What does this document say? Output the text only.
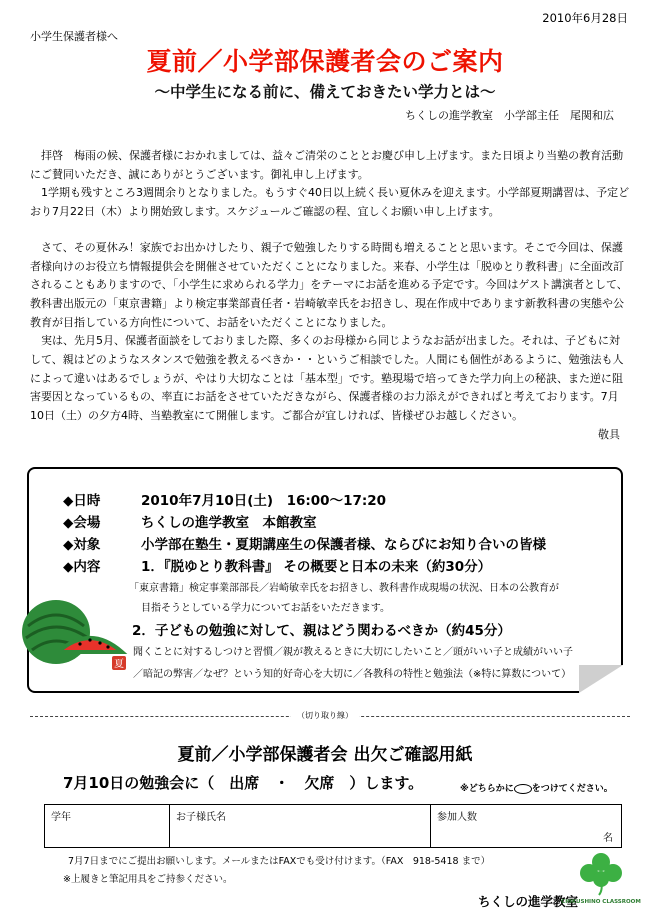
2010年6月28日
小学生保護者様へ
夏前／小学部保護者会のご案内
～中学生になる前に、備えておきたい学力とは～
ちくしの進学教室　小学部主任　尾関和広

拝啓　梅雨の候、保護者様におかれましては、益々ご清栄のこととお慶び申し上げます。また日頃より当塾の教育活動にご賛同いただき、誠にありがとうございます。御礼申し上げます。

1学期も残すところ3週間余りとなりました。もうすぐ40日以上続く長い夏休みを迎えます。小学部夏期講習は、予定どおり7月22日（木）より開始致します。スケジュールご確認の程、宜しくお願い申し上げます。

さて、その夏休み！家族でお出かけしたり、親子で勉強したりする時間も増えることと思います。そこで今回は、保護者様向けのお役立ち情報提供会を開催させていただくことになりました。来春、小学生は「脱ゆとり教科書」に全面改訂されることもありますので、「小学生に求められる学力」をテーマにお話を進める予定です。今回はゲスト講演者として、教科書出版元の「東京書籍」より検定事業部責任者・岩崎敏幸氏をお招きし、現在作成中であります新教科書の実態や公教育が目指している方向性について、お話をいただくことになりました。

実は、先月5月、保護者面談をしておりました際、多くのお母様から同じようなお話が出ました。それは、子どもに対して、親はどのようなスタンスで勉強を教えるべきか・・というご相談でした。人間にも個性があるように、勉強法も人によって違いはあるでしょうが、やはり大切なことは「基本型」です。塾現場で培ってきた学力向上の秘訣、また逆に阻害要因となっているもの、率直にお話をさせていただきながら、保護者様のお力添えができればと考えております。7月10日（土）の夕方4時、当塾教室にて開催します。ご都合が宜しければ、皆様ぜひお越しください。

敬具
◆日時	2010年7月10日(土)　16:00～17:20
◆会場	ちくしの進学教室　本館教室
◆対象	小学部在塾生・夏期講座生の保護者様、ならびにお知り合いの皆様
◆内容	1．『脱ゆとり教科書』 その概要と日本の未来（約30分）
「東京書籍」検定事業部部長／岩崎敏幸氏をお招きし、教科書作成現場の状況、日本の公教育が
目指そうとしている学力についてお話をいただきます。
2．子どもの勉強に対して、親はどう関わるべきか（約45分）
聞くことに対するしつけと習慣／親が教えるときに大切にしたいこと／頭がいい子と成績がいい子
／暗記の弊害／なぜ？という知的好奇心を大切に／各教科の特性と勉強法（※特に算数について）
夏
（切り取り線）
夏前／小学部保護者会 出欠ご確認用紙
7月10日の勉強会に（　出席　・　欠席　）します。	※どちらかに○をつけてください。
学年	お子様氏名	参加人数
名
7月7日までにご提出お願いします。メールまたはFAXでも受け付けます。（FAX　918-5418 まで）
※上履きと筆記用具をご持参ください。
ちくしの進学教室
CHIKUSHINO CLASSROOM
